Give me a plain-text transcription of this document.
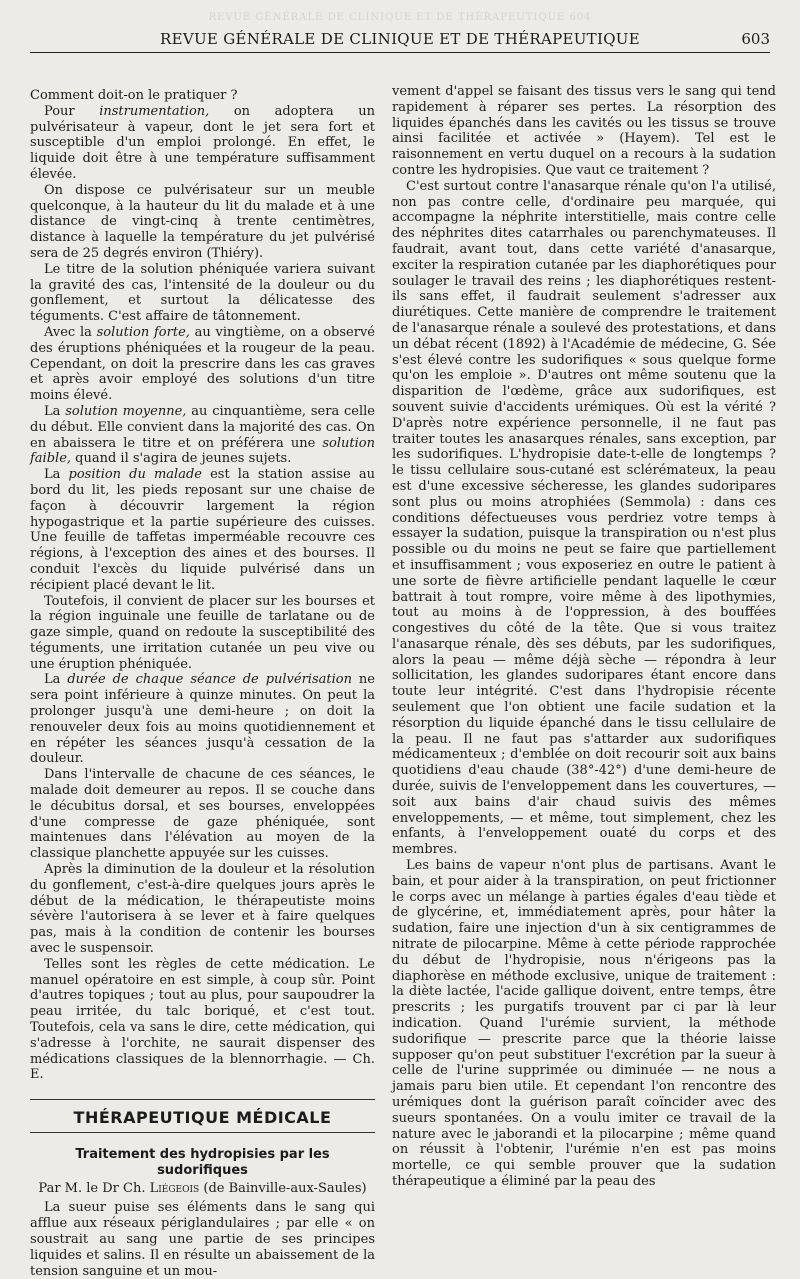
REVUE GÉNÉRALE DE CLINIQUE ET DE THÉRAPEUTIQUE 604
REVUE GÉNÉRALE DE CLINIQUE ET DE THÉRAPEUTIQUE	603

Comment doit-on le pratiquer ?

Pour instrumentation, on adoptera un pulvérisateur à vapeur, dont le jet sera fort et susceptible d'un emploi prolongé. En effet, le liquide doit être à une température suffisamment élevée.

On dispose ce pulvérisateur sur un meuble quelconque, à la hauteur du lit du malade et à une distance de vingt-cinq à trente centimètres, distance à laquelle la température du jet pulvérisé sera de 25 degrés environ (Thiéry).

Le titre de la solution phéniquée variera suivant la gravité des cas, l'intensité de la douleur ou du gonflement, et surtout la délicatesse des téguments. C'est affaire de tâtonnement.

Avec la solution forte, au vingtième, on a observé des éruptions phéniquées et la rougeur de la peau. Cependant, on doit la prescrire dans les cas graves et après avoir employé des solutions d'un titre moins élevé.

La solution moyenne, au cinquantième, sera celle du début. Elle convient dans la majorité des cas. On en abaissera le titre et on préférera une solution faible, quand il s'agira de jeunes sujets.

La position du malade est la station assise au bord du lit, les pieds reposant sur une chaise de façon à découvrir largement la région hypogastrique et la partie supérieure des cuisses. Une feuille de taffetas imperméable recouvre ces régions, à l'exception des aines et des bourses. Il conduit l'excès du liquide pulvérisé dans un récipient placé devant le lit.

Toutefois, il convient de placer sur les bourses et la région inguinale une feuille de tarlatane ou de gaze simple, quand on redoute la susceptibilité des téguments, une irritation cutanée un peu vive ou une éruption phéniquée.

La durée de chaque séance de pulvérisation ne sera point inférieure à quinze minutes. On peut la prolonger jusqu'à une demi-heure ; on doit la renouveler deux fois au moins quotidiennement et en répéter les séances jusqu'à cessation de la douleur.

Dans l'intervalle de chacune de ces séances, le malade doit demeurer au repos. Il se couche dans le décubitus dorsal, et ses bourses, enveloppées d'une compresse de gaze phéniquée, sont maintenues dans l'élévation au moyen de la classique planchette appuyée sur les cuisses.

Après la diminution de la douleur et la résolution du gonflement, c'est-à-dire quelques jours après le début de la médication, le thérapeutiste moins sévère l'autorisera à se lever et à faire quelques pas, mais à la condition de contenir les bourses avec le suspensoir.

Telles sont les règles de cette médication. Le manuel opératoire en est simple, à coup sûr. Point d'autres topiques ; tout au plus, pour saupoudrer la peau irritée, du talc boriqué, et c'est tout. Toutefois, cela va sans le dire, cette médication, qui s'adresse à l'orchite, ne saurait dispenser des médications classiques de la blennorrhagie. — Ch. E.

THÉRAPEUTIQUE MÉDICALE
Traitement des hydropisies par les sudorifiques
Par M. le Dr Ch. Liégeois (de Bainville-aux-Saules)

La sueur puise ses éléments dans le sang qui afflue aux réseaux périglandulaires ; par elle « on soustrait au sang une partie de ses principes liquides et salins. Il en résulte un abaissement de la tension sanguine et un mou-

vement d'appel se faisant des tissus vers le sang qui tend rapidement à réparer ses pertes. La résorption des liquides épanchés dans les cavités ou les tissus se trouve ainsi facilitée et activée » (Hayem). Tel est le raisonnement en vertu duquel on a recours à la sudation contre les hydropisies. Que vaut ce traitement ?

C'est surtout contre l'anasarque rénale qu'on l'a utilisé, non pas contre celle, d'ordinaire peu marquée, qui accompagne la néphrite interstitielle, mais contre celle des néphrites dites catarrhales ou parenchymateuses. Il faudrait, avant tout, dans cette variété d'anasarque, exciter la respiration cutanée par les diaphorétiques pour soulager le travail des reins ; les diaphorétiques restent-ils sans effet, il faudrait seulement s'adresser aux diurétiques. Cette manière de comprendre le traitement de l'anasarque rénale a soulevé des protestations, et dans un débat récent (1892) à l'Académie de médecine, G. Sée s'est élevé contre les sudorifiques « sous quelque forme qu'on les emploie ». D'autres ont même soutenu que la disparition de l'œdème, grâce aux sudorifiques, est souvent suivie d'accidents urémiques. Où est la vérité ? D'après notre expérience personnelle, il ne faut pas traiter toutes les anasarques rénales, sans exception, par les sudorifiques. L'hydropisie date-t-elle de longtemps ? le tissu cellulaire sous-cutané est sclérémateux, la peau est d'une excessive sécheresse, les glandes sudoripares sont plus ou moins atrophiées (Semmola) : dans ces conditions défectueuses vous perdriez votre temps à essayer la sudation, puisque la transpiration ou n'est plus possible ou du moins ne peut se faire que partiellement et insuffisamment ; vous exposeriez en outre le patient à une sorte de fièvre artificielle pendant laquelle le cœur battrait à tout rompre, voire même à des lipothymies, tout au moins à de l'oppression, à des bouffées congestives du côté de la tête. Que si vous traitez l'anasarque rénale, dès ses débuts, par les sudorifiques, alors la peau — même déjà sèche — répondra à leur sollicitation, les glandes sudoripares étant encore dans toute leur intégrité. C'est dans l'hydropisie récente seulement que l'on obtient une facile sudation et la résorption du liquide épanché dans le tissu cellulaire de la peau. Il ne faut pas s'attarder aux sudorifiques médicamenteux ; d'emblée on doit recourir soit aux bains quotidiens d'eau chaude (38°-42°) d'une demi-heure de durée, suivis de l'enveloppement dans les couvertures, — soit aux bains d'air chaud suivis des mêmes enveloppements, — et même, tout simplement, chez les enfants, à l'enveloppement ouaté du corps et des membres.

Les bains de vapeur n'ont plus de partisans. Avant le bain, et pour aider à la transpiration, on peut frictionner le corps avec un mélange à parties égales d'eau tiède et de glycérine, et, immédiatement après, pour hâter la sudation, faire une injection d'un à six centigrammes de nitrate de pilocarpine. Même à cette période rapprochée du début de l'hydropisie, nous n'érigeons pas la diaphorèse en méthode exclusive, unique de traitement : la diète lactée, l'acide gallique doivent, entre temps, être prescrits ; les purgatifs trouvent par ci par là leur indication. Quand l'urémie survient, la méthode sudorifique — prescrite parce que la théorie laisse supposer qu'on peut substituer l'excrétion par la sueur à celle de l'urine supprimée ou diminuée — ne nous a jamais paru bien utile. Et cependant l'on rencontre des urémiques dont la guérison paraît coïncider avec des sueurs spontanées. On a voulu imiter ce travail de la nature avec le jaborandi et la pilocarpine ; même quand on réussit à l'obtenir, l'urémie n'en est pas moins mortelle, ce qui semble prouver que la sudation thérapeutique a éliminé par la peau des
